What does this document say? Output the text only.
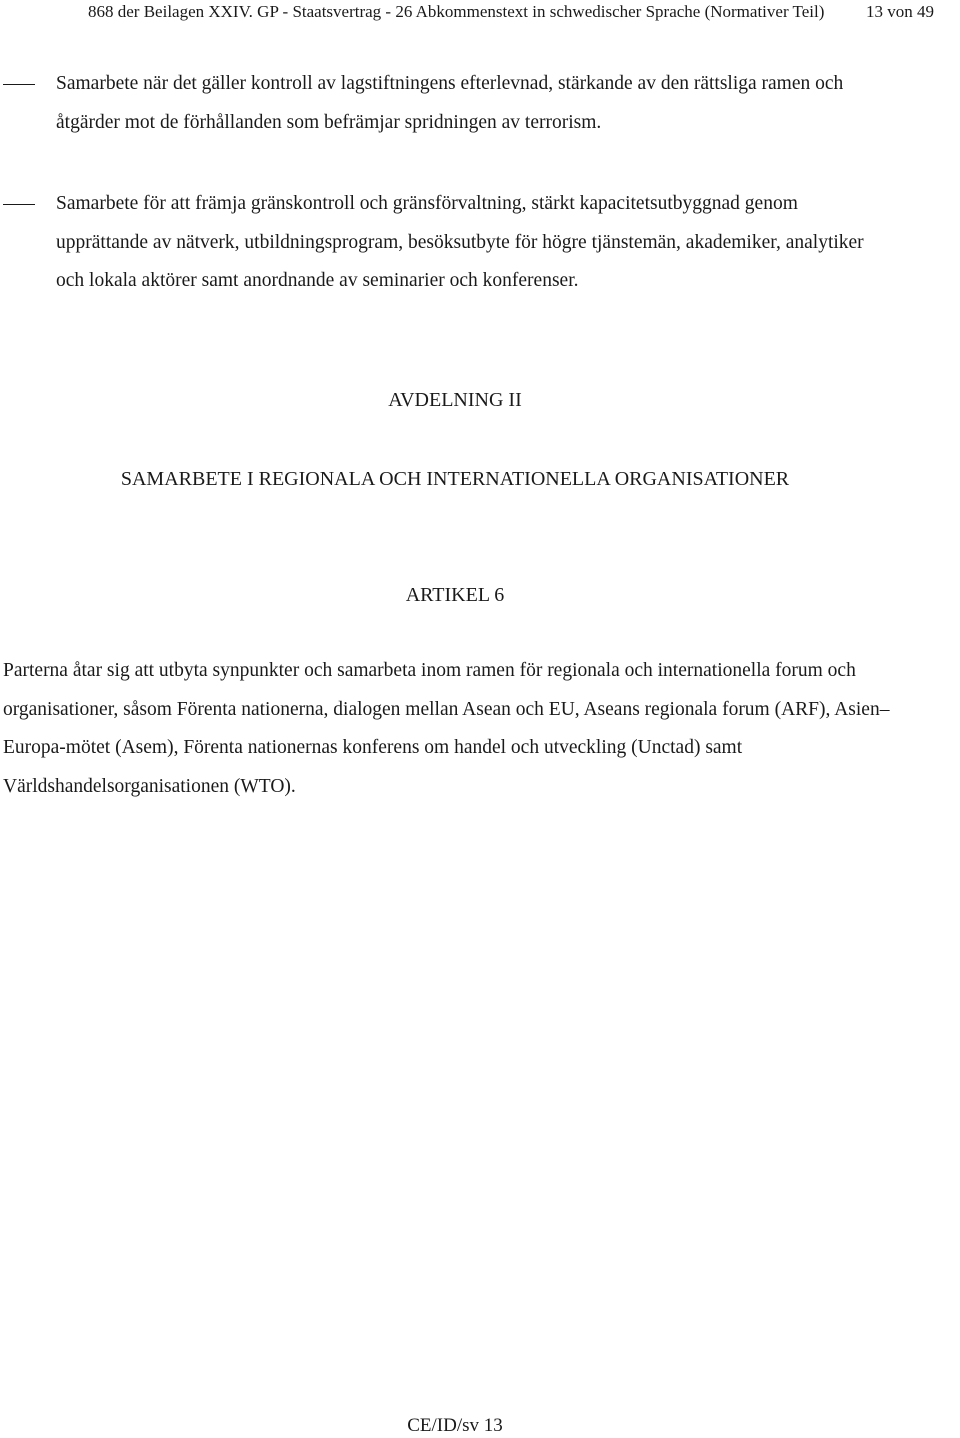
868 der Beilagen XXIV. GP - Staatsvertrag - 26 Abkommenstext in schwedischer Sprache (Normativer Teil) 13 von 49
Samarbete när det gäller kontroll av lagstiftningens efterlevnad, stärkande av den rättsliga ramen och åtgärder mot de förhållanden som befrämjar spridningen av terrorism.
Samarbete för att främja gränskontroll och gränsförvaltning, stärkt kapacitetsutbyggnad genom upprättande av nätverk, utbildningsprogram, besöksutbyte för högre tjänstemän, akademiker, analytiker och lokala aktörer samt anordnande av seminarier och konferenser.
AVDELNING II
SAMARBETE I REGIONALA OCH INTERNATIONELLA ORGANISATIONER
ARTIKEL 6
Parterna åtar sig att utbyta synpunkter och samarbeta inom ramen för regionala och internationella forum och organisationer, såsom Förenta nationerna, dialogen mellan Asean och EU, Aseans regionala forum (ARF), Asien–Europa-mötet (Asem), Förenta nationernas konferens om handel och utveckling (Unctad) samt Världshandelsorganisationen (WTO).
CE/ID/sv 13
